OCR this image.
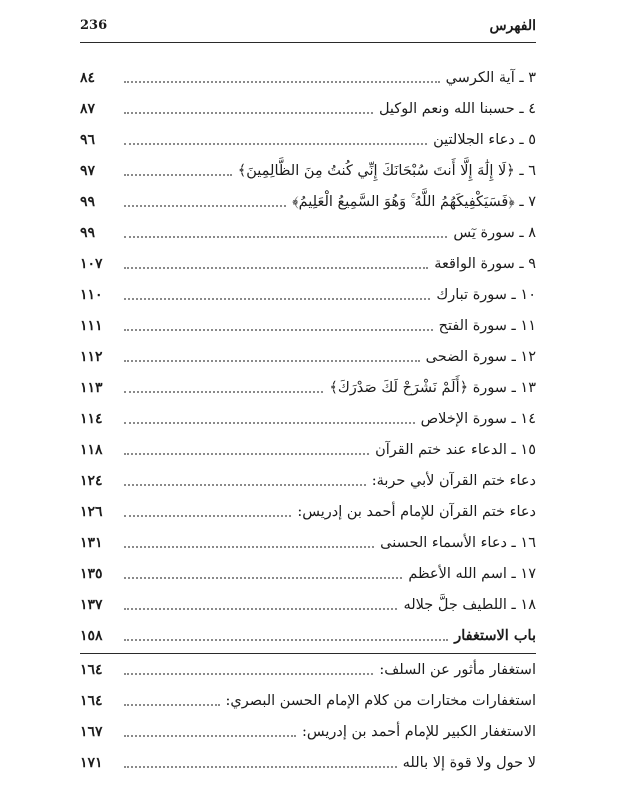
236	الفهرس
٣ ـ آية الكرسي
٨٤
٤ ـ حسبنا الله ونعم الوكيل
٨٧
٥ ـ دعاء الجلالتين
٩٦
٦ ـ ﴿لَا إِلَٰهَ إِلَّا أَنتَ سُبْحَانَكَ إِنِّي كُنتُ مِنَ الظَّالِمِينَ﴾
٩٧
٧ ـ ﴿فَسَيَكْفِيكَهُمُ اللَّهُ ۚ وَهُوَ السَّمِيعُ الْعَلِيمُ﴾
٩٩
٨ ـ سورة يٓس
٩٩
٩ ـ سورة الواقعة
١٠٧
١٠ ـ سورة تبارك
١١٠
١١ ـ سورة الفتح
١١١
١٢ ـ سورة الضحى
١١٢
١٣ ـ سورة ﴿أَلَمْ نَشْرَحْ لَكَ صَدْرَكَ﴾
١١٣
١٤ ـ سورة الإخلاص
١١٤
١٥ ـ الدعاء عند ختم القرآن
١١٨
دعاء ختم القرآن لأبي حربة:
١٢٤
دعاء ختم القرآن للإمام أحمد بن إدريس:
١٢٦
١٦ ـ دعاء الأسماء الحسنى
١٣١
١٧ ـ اسم الله الأعظم
١٣٥
١٨ ـ اللطيف جلَّ جلاله
١٣٧
باب الاستغفار
١٥٨
استغفار مأثور عن السلف:
١٦٤
استغفارات مختارات من كلام الإمام الحسن البصري:
١٦٤
الاستغفار الكبير للإمام أحمد بن إدريس:
١٦٧
لا حول ولا قوة إلا بالله
١٧١
